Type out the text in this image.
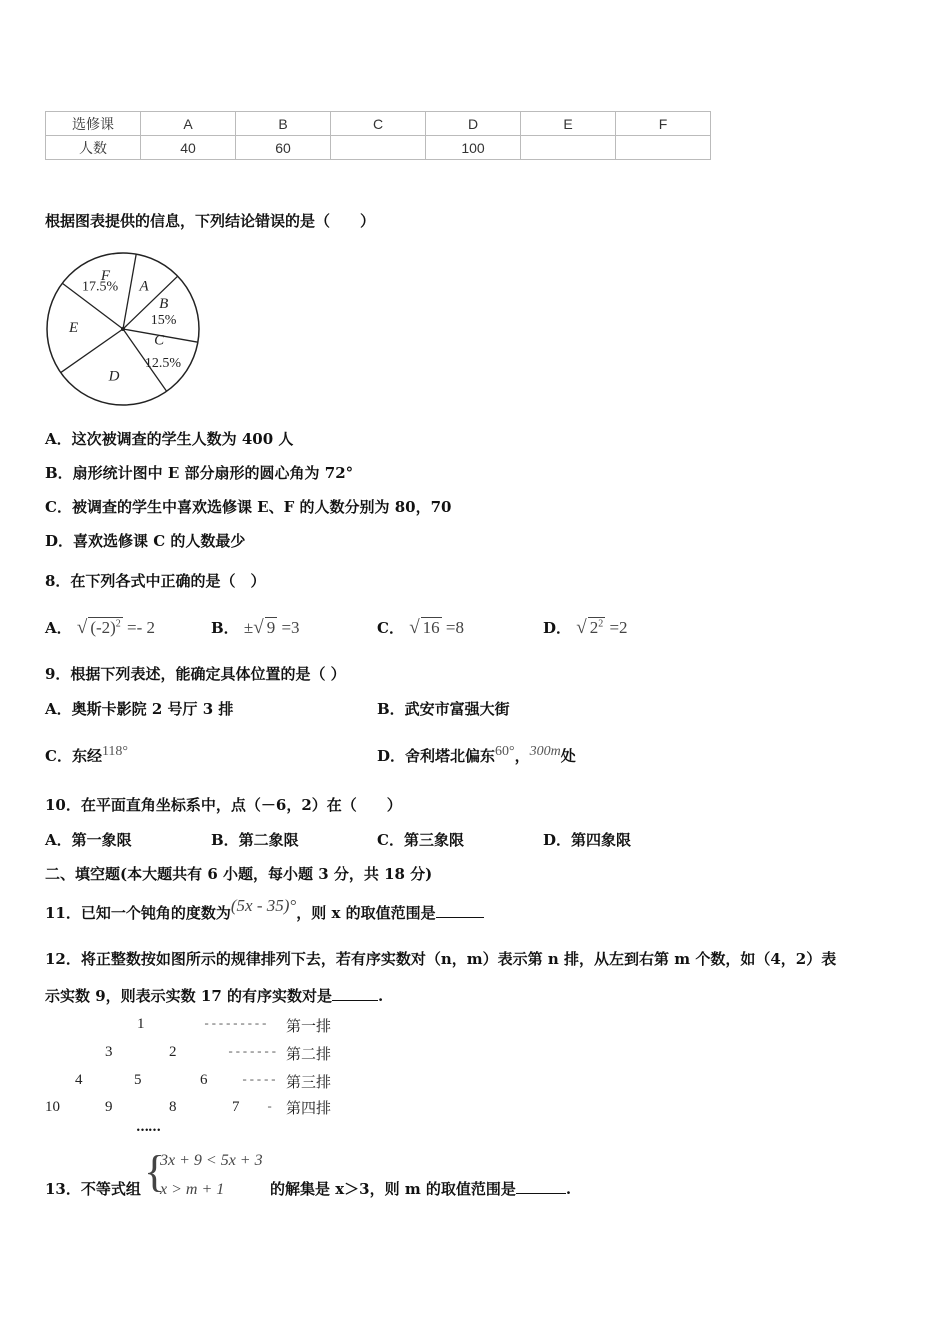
选修课	A	B	C	D	E	F
人数	40	60		100		
根据图表提供的信息，下列结论错误的是（　　）
A
B
15%
C
12.5%
D
E
F
17.5%
A．这次被调查的学生人数为 400 人
B．扇形统计图中 E 部分扇形的圆心角为 72°
C．被调查的学生中喜欢选修课 E、F 的人数分别为 80，70
D．喜欢选修课 C 的人数最少
8．在下列各式中正确的是（　）
A． √ $(-2)^2 =- 2$	B． ±√ 9 =3	C． √ 16 =8	D． √ $2^2 =2$
9．根据下列表述，能确定具体位置的是（ ）
A．奥斯卡影院 2 号厅 3 排	B．武安市富强大街
C．东经118°	D．舍利塔北偏东60°，300m处
10．在平面直角坐标系中，点（－6，2）在（　　）
A．第一象限	B．第二象限	C．第三象限	D．第四象限
二、填空题(本大题共有 6 小题，每小题 3 分，共 18 分)
11．已知一个钝角的度数为(5x - 35)°，则 x 的取值范围是
12．将正整数按如图所示的规律排列下去，若有序实数对（n，m）表示第 n 排，从左到右第 m 个数，如（4，2）表
示实数 9，则表示实数 17 的有序实数对是	.
1	--------- 第一排
3	2	------- 第二排
4	5	6	----- 第三排
10	9	8	7 - 第四排
……
13．不等式组 {
3x + 9 < 5x + 3
x > m + 1	的解集是 x＞3，则 m 的取值范围是	.
